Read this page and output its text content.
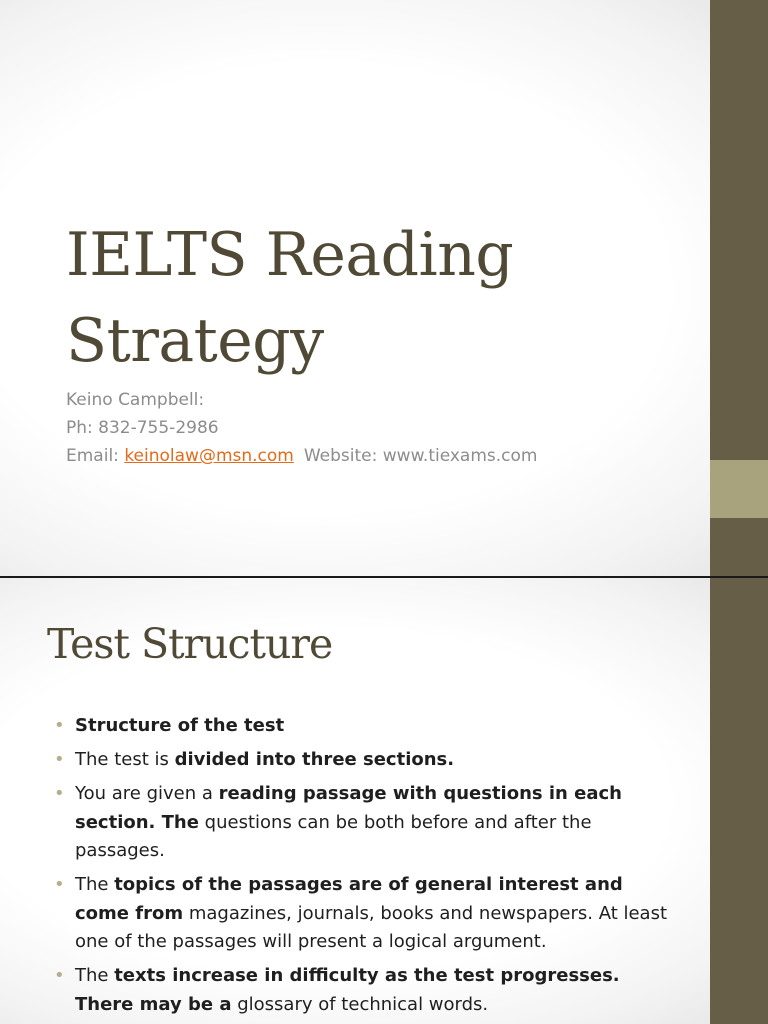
IELTS Reading
Strategy
Keino Campbell:
Ph: 832-755-2986
Email: keinolaw@msn.com Website: www.tiexams.com
Test Structure
• Structure of the test
• The test is divided into three sections.
• You are given a reading passage with questions in each section. The questions can be both before and after the passages.
• The topics of the passages are of general interest and come from magazines, journals, books and newspapers. At least one of the passages will present a logical argument.
• The texts increase in difficulty as the test progresses. There may be a glossary of technical words.
